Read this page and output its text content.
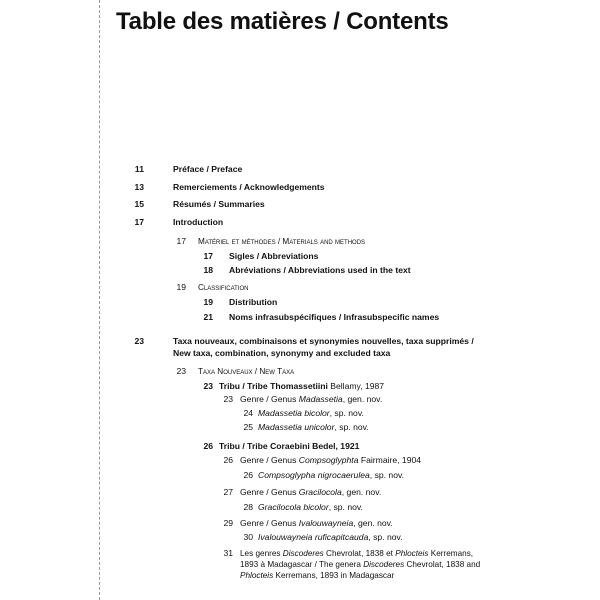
Table des matières / Contents
11	Préface / Preface
13	Remerciements / Acknowledgements
15	Résumés / Summaries
17	Introduction
17 Matériel et méthodes / Materials and methods
17 Sigles / Abbreviations
18 Abréviations / Abbreviations used in the text
19 Classification
19 Distribution
21 Noms infrasubspécifiques / Infrasubspecific names
23	Taxa nouveaux, combinaisons et synonymies nouvelles, taxa supprimés /
New taxa, combination, synonymy and excluded taxa
23 Taxa Nouveaux / New Taxa
23 Tribu / Tribe Thomassetiini Bellamy, 1987
23 Genre / Genus Madassetia, gen. nov.
24 Madassetia bicolor, sp. nov.
25 Madassetia unicolor, sp. nov.
26 Tribu / Tribe Coraebini Bedel, 1921
26 Genre / Genus Compsoglyphta Fairmaire, 1904
26 Compsoglypha nigrocaerulea, sp. nov.
27 Genre / Genus Gracilocola, gen. nov.
28 Gracilocola bicolor, sp. nov.
29 Genre / Genus Ivalouwayneia, gen. nov.
30 Ivalouwayneia ruficapitcauda, sp. nov.
31 Les genres Discoderes Chevrolat, 1838 et Phlocteis Kerremans,
1893 à Madagascar / The genera Discoderes Chevrolat, 1838 and
Phlocteis Kerremans, 1893 in Madagascar
